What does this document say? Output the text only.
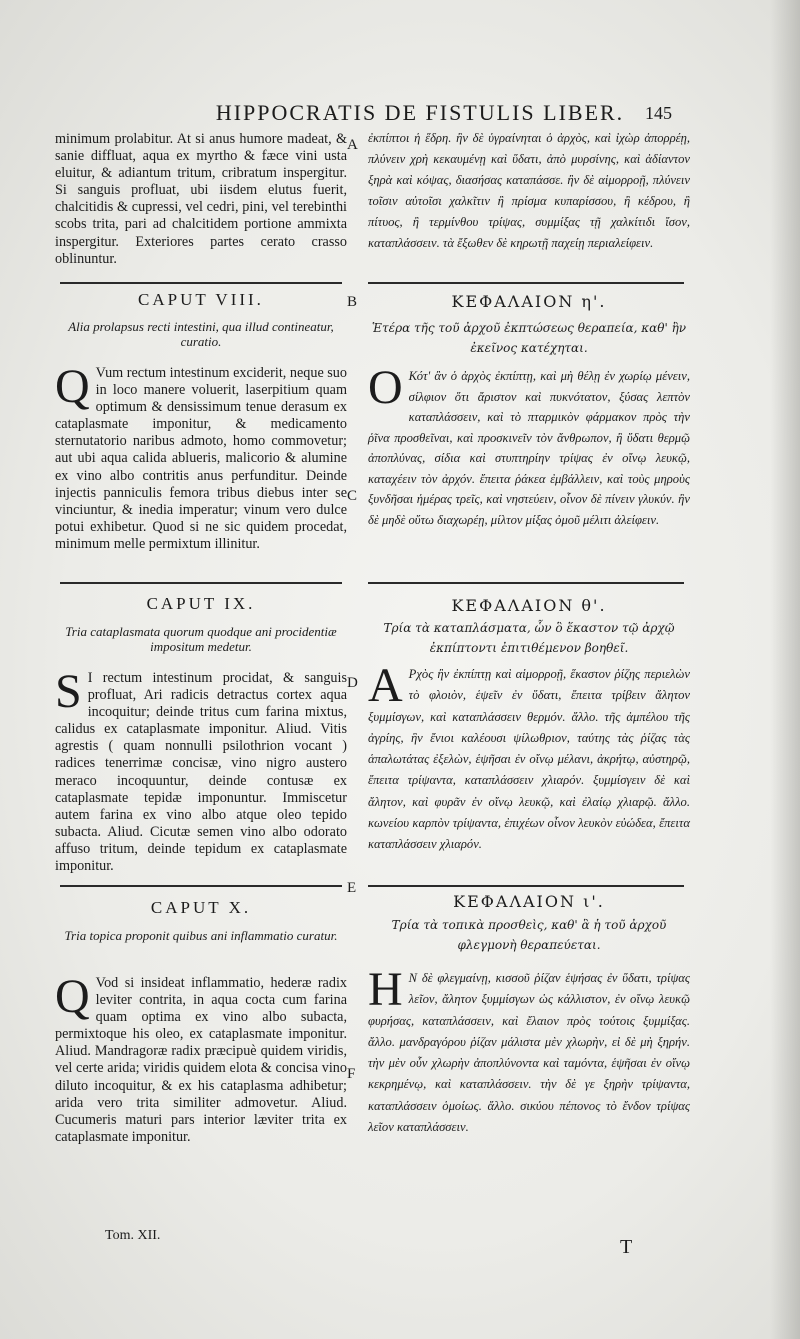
HIPPOCRATIS DE FISTULIS LIBER.	145
A
B
C
D
E
F
minimum prolabitur. At si anus humore madeat, & sanie diffluat, aqua ex myrtho & fæce vini usta eluitur, & adiantum tritum, cribratum inspergitur. Si sanguis profluat, ubi iisdem elutus fuerit, chalcitidis & cupressi, vel cedri, pini, vel terebinthi scobs trita, pari ad chalcitidem portione ammixta inspergitur. Exteriores partes cerato crasso oblinuntur.
ἐκπίπτοι ἡ ἕδρη. ἢν δὲ ὑγραίνηται ὁ ἀρχὸς, καὶ ἰχὼρ ἀπορρέῃ, πλύνειν χρὴ κεκαυμένῃ καὶ ὕδατι, ἀπὸ μυρσίνης, καὶ ἀδίαντον ξηρὰ καὶ κόψας, διασήσας καταπάσσε. ἢν δὲ αἱμορροῇ, πλύνειν τοῖσιν αὐτοῖσι χαλκῖτιν ἢ πρίσμα κυπαρίσσου, ἢ κέδρου, ἢ πίτυος, ἢ τερμίνθου τρίψας, συμμίξας τῇ χαλκίτιδι ἴσον, καταπλάσσειν. τὰ ἔξωθεν δὲ κηρωτῇ παχείῃ περιαλείφειν.
CAPUT VIII.
Alia prolapsus recti intestini, qua illud contineatur, curatio.
ΚΕΦΑΛΑΙΟΝ η'.
Ἑτέρα τῆς τοῦ ἀρχοῦ ἐκπτώσεως θεραπεία, καθ' ἣν ἐκεῖνος κατέχηται.
Q Vum rectum intestinum exciderit, neque suo in loco manere voluerit, laserpitium quam optimum & densissimum tenue derasum ex cataplasmate imponitur, & medicamento sternutatorio naribus admoto, homo commovetur; aut ubi aqua calida ablueris, malicorio & alumine ex vino albo contritis anus perfunditur. Deinde injectis panniculis femora tribus diebus inter se vinciuntur, & inedia imperatur; vinum vero dulce potui exhibetur. Quod si ne sic quidem procedat, minimum melle permixtum illinitur.
Ο Κότ' ἂν ὁ ἀρχὸς ἐκπίπτῃ, καὶ μὴ θέλῃ ἐν χωρίῳ μένειν, σίλφιον ὅτι ἄριστον καὶ πυκνότατον, ξύσας λεπτὸν καταπλάσσειν, καὶ τὸ πταρμικὸν φάρμακον πρὸς τὴν ῥῖνα προσθεῖναι, καὶ προσκινεῖν τὸν ἄνθρωπον, ἢ ὕδατι θερμῷ ἀποπλύνας, σίδια καὶ στυπτηρίην τρίψας ἐν οἴνῳ λευκῷ, καταχέειν τὸν ἀρχόν. ἔπειτα ῥάκεα ἐμβάλλειν, καὶ τοὺς μηροὺς ξυνδῆσαι ἡμέρας τρεῖς, καὶ νηστεύειν, οἶνον δὲ πίνειν γλυκύν. ἢν δὲ μηδὲ οὕτω διαχωρέῃ, μίλτον μίξας ὀμοῦ μέλιτι ἀλείφειν.
CAPUT IX.
Tria cataplasmata quorum quodque ani procidentiæ impositum medetur.
ΚΕΦΑΛΑΙΟΝ θ'.
Τρία τὰ καταπλάσματα, ὧν ὃ ἕκαστον τῷ ἀρχῷ ἐκπίπτοντι ἐπιτιθέμενον βοηθεῖ.
S I rectum intestinum procidat, & sanguis profluat, Ari radicis detractus cortex aqua incoquitur; deinde tritus cum farina mixtus, calidus ex cataplasmate imponitur. Aliud. Vitis agrestis ( quam nonnulli psilothrion vocant ) radices tenerrimæ concisæ, vino nigro austero meraco incoquuntur, deinde contusæ ex cataplasmate tepidæ imponuntur. Immiscetur autem farina ex vino albo atque oleo tepido subacta. Aliud. Cicutæ semen vino albo odorato affuso tritum, deinde tepidum ex cataplasmate imponitur.
Α Ρχὸς ἢν ἐκπίπτῃ καὶ αἱμορροῇ, ἕκαστον ῥίζης περιελὼν τὸ φλοιὸν, ἑψεῖν ἐν ὕδατι, ἔπειτα τρίβειν ἄλητον ξυμμίσγων, καὶ καταπλάσσειν θερμόν. ἄλλο. τῆς ἀμπέλου τῆς ἀγρίης, ἣν ἔνιοι καλέουσι ψίλωθριον, ταύτης τὰς ῥίζας τὰς ἁπαλωτάτας ἐξελὼν, ἑψῆσαι ἐν οἴνῳ μέλανι, ἀκρήτῳ, αὐστηρῷ, ἔπειτα τρίψαντα, καταπλάσσειν χλιαρόν. ξυμμίσγειν δὲ καὶ ἄλητον, καὶ φυρᾶν ἐν οἴνῳ λευκῷ, καὶ ἐλαίῳ χλιαρῷ. ἄλλο. κωνείου καρπὸν τρίψαντα, ἐπιχέων οἶνον λευκὸν εὐώδεα, ἔπειτα καταπλάσσειν χλιαρόν.
CAPUT X.
Tria topica proponit quibus ani inflammatio curatur.
ΚΕΦΑΛΑΙΟΝ ι'.
Τρία τὰ τοπικὰ προσθεὶς, καθ' ἃ ἡ τοῦ ἀρχοῦ φλεγμονὴ θεραπεύεται.
Q Vod si insideat inflammatio, hederæ radix leviter contrita, in aqua cocta cum farina quam optima ex vino albo subacta, permixtoque his oleo, ex cataplasmate imponitur. Aliud. Mandragoræ radix præcipuè quidem viridis, vel certe arida; viridis quidem elota & concisa vino diluto incoquitur, & ex his cataplasma adhibetur; arida vero trita similiter admovetur. Aliud. Cucumeris maturi pars interior læviter trita ex cataplasmate imponitur.
Η Ν δὲ φλεγμαίνῃ, κισσοῦ ῥίζαν ἑψήσας ἐν ὕδατι, τρίψας λεῖον, ἄλητον ξυμμίσγων ὡς κάλλιστον, ἐν οἴνῳ λευκῷ φυρήσας, καταπλάσσειν, καὶ ἔλαιον πρὸς τούτοις ξυμμίξας. ἄλλο. μανδραγόρου ῥίζαν μάλιστα μὲν χλωρὴν, εἰ δὲ μὴ ξηρήν. τὴν μὲν οὖν χλωρὴν ἀποπλύνοντα καὶ ταμόντα, ἑψῆσαι ἐν οἴνῳ κεκρημένῳ, καὶ καταπλάσσειν. τὴν δὲ γε ξηρὴν τρίψαντα, καταπλάσσειν ὁμοίως. ἄλλο. σικύου πέπονος τὸ ἔνδον τρίψας λεῖον καταπλάσσειν.
Tom. XII.
T
